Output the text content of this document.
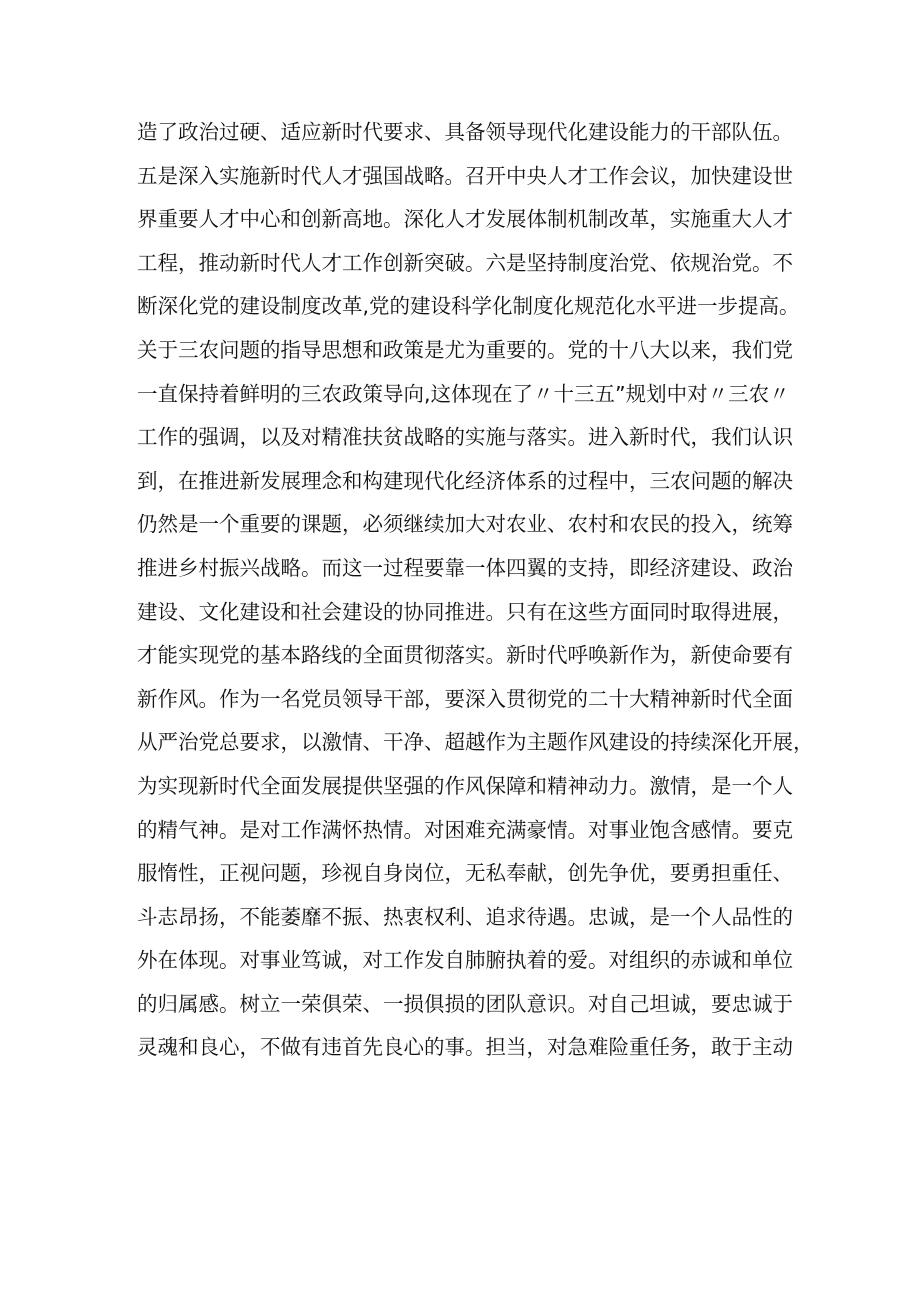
造了政治过硬、适应新时代要求、具备领导现代化建设能力的干部队伍。
五是深入实施新时代人才强国战略。召开中央人才工作会议，加快建设世
界重要人才中心和创新高地。深化人才发展体制机制改革，实施重大人才
工程，推动新时代人才工作创新突破。六是坚持制度治党、依规治党。不
断深化党的建设制度改革,党的建设科学化制度化规范化水平进一步提高。
关于三农问题的指导思想和政策是尤为重要的。党的十八大以来，我们党
一直保持着鲜明的三农政策导向,这体现在了〃十三五”规划中对〃三农〃
工作的强调，以及对精准扶贫战略的实施与落实。进入新时代，我们认识
到，在推进新发展理念和构建现代化经济体系的过程中，三农问题的解决
仍然是一个重要的课题，必须继续加大对农业、农村和农民的投入，统筹
推进乡村振兴战略。而这一过程要靠一体四翼的支持，即经济建设、政治
建设、文化建设和社会建设的协同推进。只有在这些方面同时取得进展，
才能实现党的基本路线的全面贯彻落实。新时代呼唤新作为，新使命要有
新作风。作为一名党员领导干部，要深入贯彻党的二十大精神新时代全面
从严治党总要求，以激情、干净、超越作为主题作风建设的持续深化开展，
为实现新时代全面发展提供坚强的作风保障和精神动力。激情，是一个人
的精气神。是对工作满怀热情。对困难充满豪情。对事业饱含感情。要克
服惰性，正视问题，珍视自身岗位，无私奉献，创先争优，要勇担重任、
斗志昂扬，不能萎靡不振、热衷权利、追求待遇。忠诚，是一个人品性的
外在体现。对事业笃诚，对工作发自肺腑执着的爱。对组织的赤诚和单位
的归属感。树立一荣俱荣、一损俱损的团队意识。对自己坦诚，要忠诚于
灵魂和良心，不做有违首先良心的事。担当，对急难险重任务，敢于主动
